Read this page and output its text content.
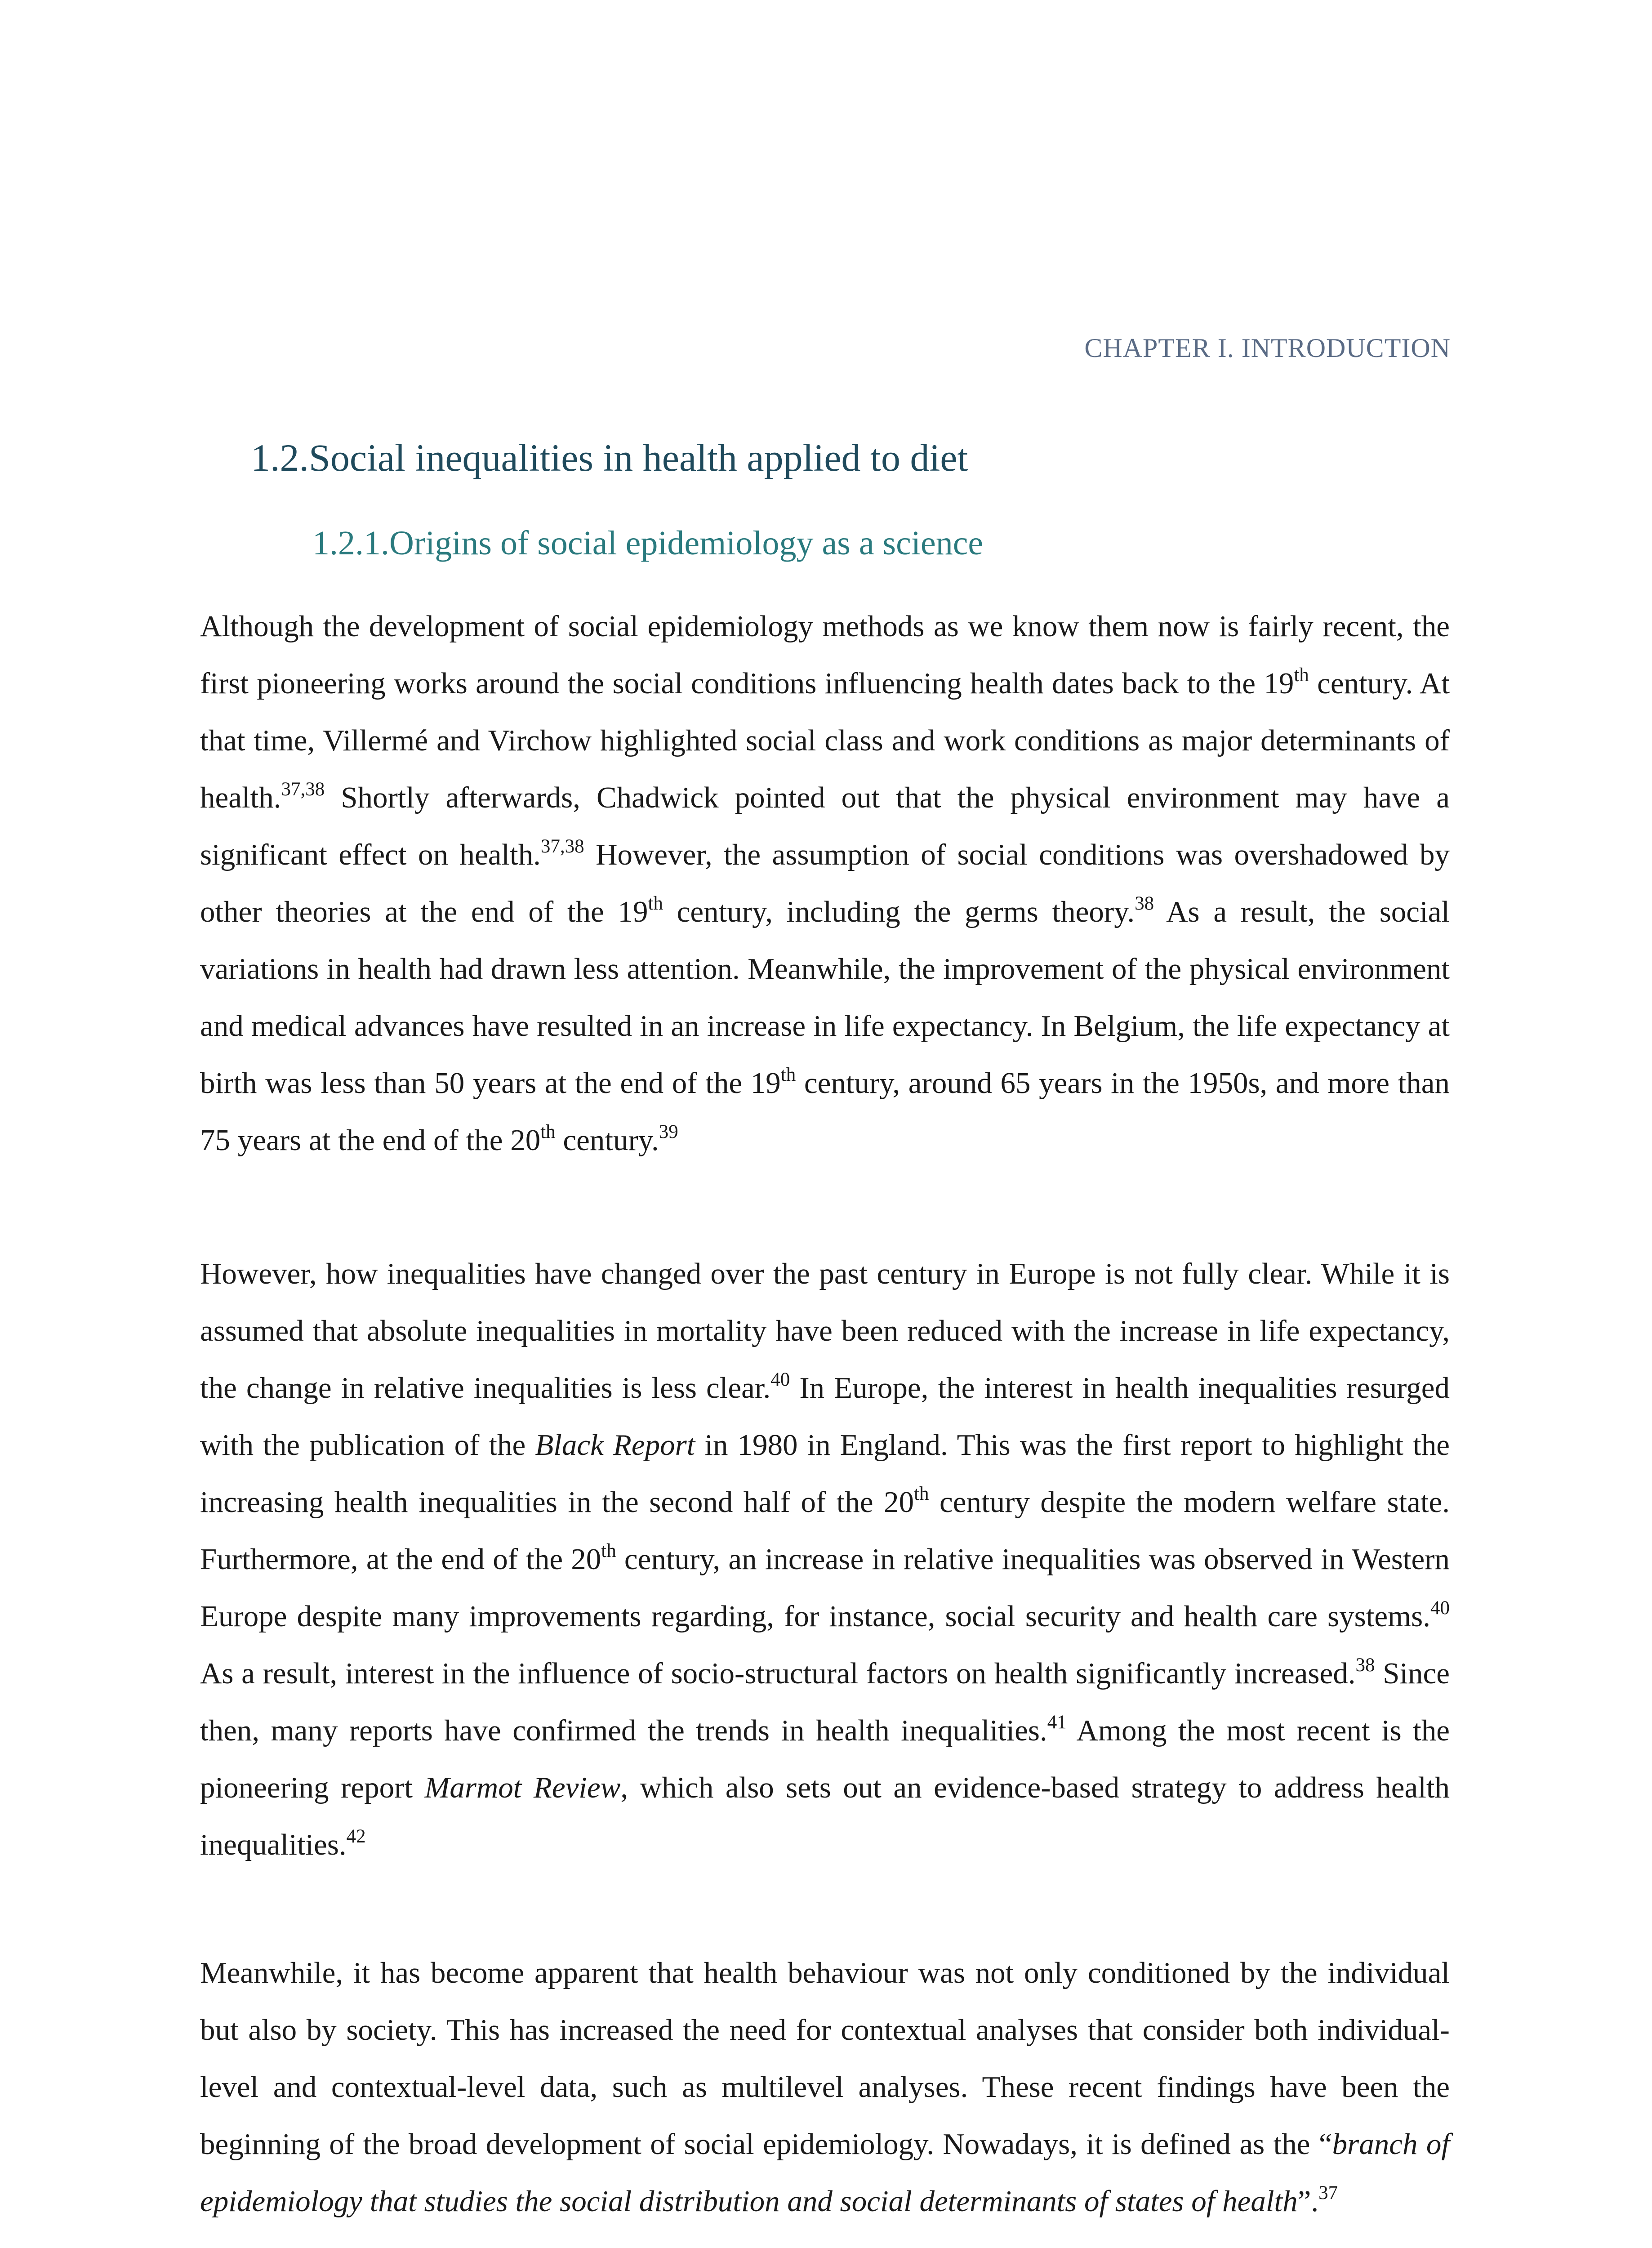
CHAPTER I. INTRODUCTION
1.2.Social inequalities in health applied to diet
1.2.1.Origins of social epidemiology as a science

Although the development of social epidemiology methods as we know them now is fairly recent, the first pioneering works around the social conditions influencing health dates back to the 19th century. At that time, Villermé and Virchow highlighted social class and work conditions as major determinants of health.$^{37,38}$ Shortly afterwards, Chadwick pointed out that the physical environment may have a significant effect on health.$^{37,38}$ However, the assumption of social conditions was overshadowed by other theories at the end of the 19th century, including the germs theory.$^{38}$ As a result, the social variations in health had drawn less attention. Meanwhile, the improvement of the physical environment and medical advances have resulted in an increase in life expectancy. In Belgium, the life expectancy at birth was less than 50 years at the end of the 19th century, around 65 years in the 1950s, and more than 75 years at the end of the 20th century.$^{39}$

However, how inequalities have changed over the past century in Europe is not fully clear. While it is assumed that absolute inequalities in mortality have been reduced with the increase in life expectancy, the change in relative inequalities is less clear.$^{40}$ In Europe, the interest in health inequalities resurged with the publication of the Black Report in 1980 in England. This was the first report to highlight the increasing health inequalities in the second half of the 20th century despite the modern welfare state. Furthermore, at the end of the 20th century, an increase in relative inequalities was observed in Western Europe despite many improvements regarding, for instance, social security and health care systems.$^{40}$ As a result, interest in the influence of socio-structural factors on health significantly increased.$^{38}$ Since then, many reports have confirmed the trends in health inequalities.$^{41}$ Among the most recent is the pioneering report Marmot Review, which also sets out an evidence-based strategy to address health inequalities.$^{42}$

Meanwhile, it has become apparent that health behaviour was not only conditioned by the individual but also by society. This has increased the need for contextual analyses that consider both individual-level and contextual-level data, such as multilevel analyses. These recent findings have been the beginning of the broad development of social epidemiology. Nowadays, it is defined as the “branch of epidemiology that studies the social distribution and social determinants of states of health”.$^{37}$
